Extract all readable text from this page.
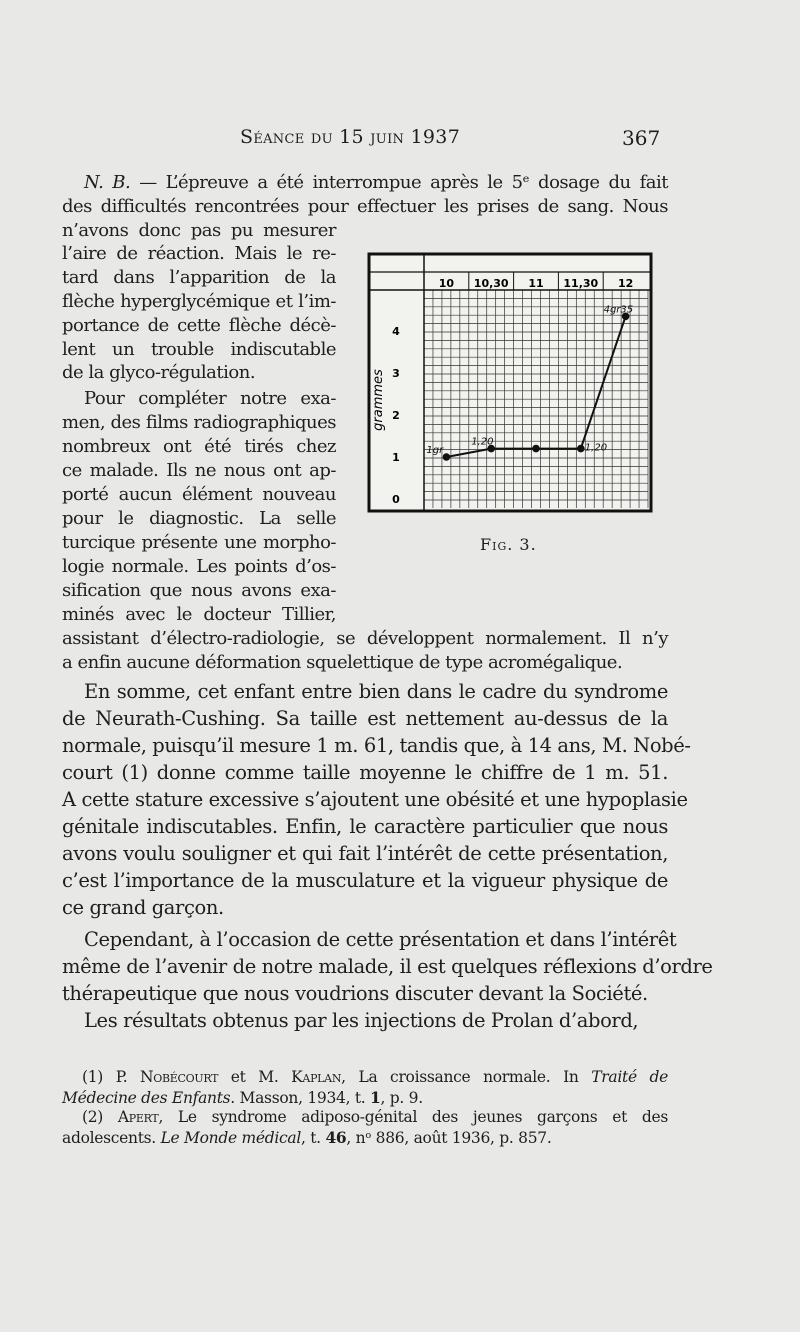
Séance du 15 juin 1937	367
N. B. — L’épreuve a été interrompue après le 5ᵉ dosage du fait
des difficultés rencontrées pour effectuer les prises de sang. Nous
n’avons donc pas pu mesurer
l’aire de réaction. Mais le re-
tard dans l’apparition de la
flèche hyperglycémique et l’im-
portance de cette flèche décè-
lent un trouble indiscutable
de la glyco-régulation.
Pour compléter notre exa-
men, des films radiographiques
nombreux ont été tirés chez
ce malade. Ils ne nous ont ap-
porté aucun élément nouveau
pour le diagnostic. La selle
turcique présente une morpho-
logie normale. Les points d’os-
sification que nous avons exa-
minés avec le docteur Tillier,
assistant d’électro-radiologie, se développent normalement. Il n’y
a enfin aucune déformation squelettique de type acromégalique.
En somme, cet enfant entre bien dans le cadre du syndrome
de Neurath-Cushing. Sa taille est nettement au-dessus de la
normale, puisqu’il mesure 1 m. 61, tandis que, à 14 ans, M. Nobé-
court (1) donne comme taille moyenne le chiffre de 1 m. 51.
A cette stature excessive s’ajoutent une obésité et une hypoplasie
génitale indiscutables. Enfin, le caractère particulier que nous
avons voulu souligner et qui fait l’intérêt de cette présentation,
c’est l’importance de la musculature et la vigueur physique de
ce grand garçon.
Cependant, à l’occasion de cette présentation et dans l’intérêt
même de l’avenir de notre malade, il est quelques réflexions d’ordre
thérapeutique que nous voudrions discuter devant la Société.
Les résultats obtenus par les injections de Prolan d’abord,
(1) P. Nobécourt et M. Kaplan, La croissance normale. In Traité de
Médecine des Enfants. Masson, 1934, t. 1, p. 9.
(2) Apert, Le syndrome adiposo-génital des jeunes garçons et des
adolescents. Le Monde médical, t. 46, nᵒ 886, août 1936, p. 857.
10 10,30 11 11,30 12
0
1
2
3
4
grammes
1gr
1,20
1,20
4gr35
Fig. 3.
